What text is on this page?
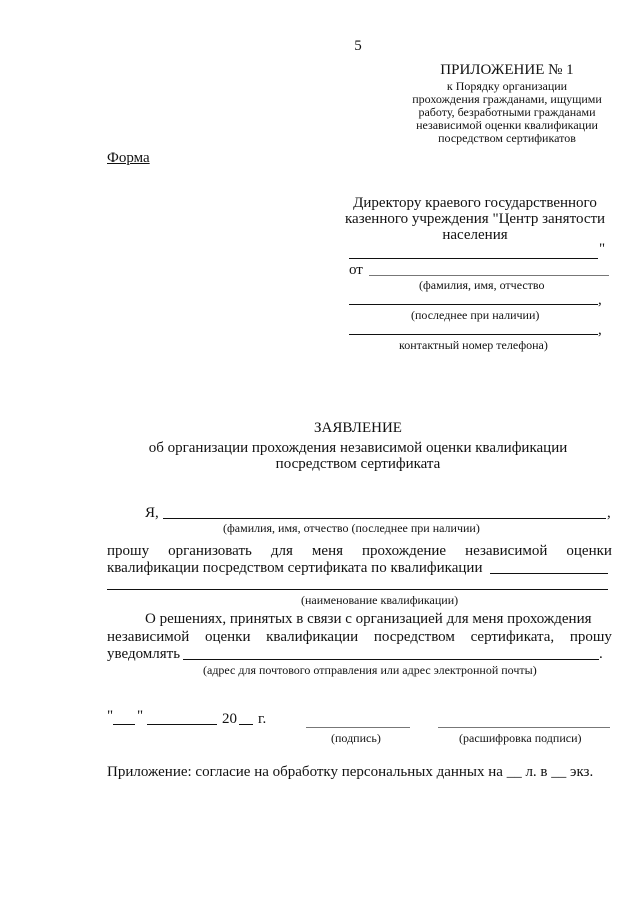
5
ПРИЛОЖЕНИЕ № 1
к Порядку организации
прохождения гражданами, ищущими
работу, безработными гражданами
независимой оценки квалификации
посредством сертификатов
Форма
Директору краевого государственного
казенного учреждения "Центр занятости
населения
"
от
(фамилия, имя, отчество
,
(последнее при наличии)
,
контактный номер телефона)
ЗАЯВЛЕНИЕ
об организации прохождения независимой оценки квалификации
посредством сертификата
Я,	,
(фамилия, имя, отчество (последнее при наличии)
прошу организовать для меня прохождение независимой оценки
квалификации посредством сертификата по квалификации
(наименование квалификации)
О решениях, принятых в связи с организацией для меня прохождения
независимой оценки квалификации посредством сертификата, прошу
уведомлять	.
(адрес для почтового отправления или адрес электронной почты)
" "	20 г.
(подпись)	(расшифровка подписи)
Приложение: согласие на обработку персональных данных на __ л. в __ экз.
